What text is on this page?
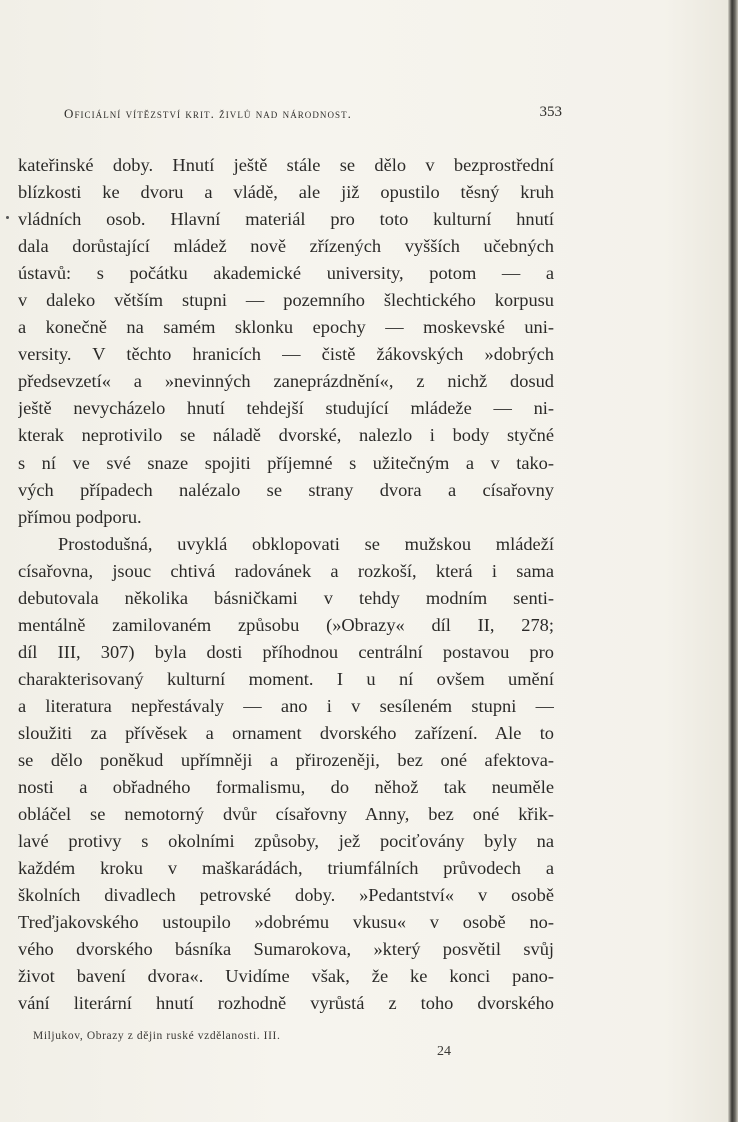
Oficiální vítězství krit. živlů nad národnost.	353
kateřinské doby. Hnutí ještě stále se dělo v bezprostřední
blízkosti ke dvoru a vládě, ale již opustilo těsný kruh
vládních osob. Hlavní materiál pro toto kulturní hnutí
dala dorůstající mládež nově zřízených vyšších učebných
ústavů: s počátku akademické university, potom — a
v daleko větším stupni — pozemního šlechtického korpusu
a konečně na samém sklonku epochy — moskevské uni-
versity. V těchto hranicích — čistě žákovských »dobrých
předsevzetí« a »nevinných zaneprázdnění«, z nichž dosud
ještě nevycházelo hnutí tehdejší studující mládeže — ni-
kterak neprotivilo se náladě dvorské, nalezlo i body styčné
s ní ve své snaze spojiti příjemné s užitečným a v tako-
vých případech nalézalo se strany dvora a císařovny
přímou podporu.
Prostodušná, uvyklá obklopovati se mužskou mládeží
císařovna, jsouc chtivá radovánek a rozkoší, která i sama
debutovala několika básničkami v tehdy modním senti-
mentálně zamilovaném způsobu (»Obrazy« díl II, 278;
díl III, 307) byla dosti příhodnou centrální postavou pro
charakterisovaný kulturní moment. I u ní ovšem umění
a literatura nepřestávaly — ano i v sesíleném stupni —
sloužiti za přívěsek a ornament dvorského zařízení. Ale to
se dělo poněkud upřímněji a přirozeněji, bez oné afektova-
nosti a obřadného formalismu, do něhož tak neuměle
obláčel se nemotorný dvůr císařovny Anny, bez oné křik-
lavé protivy s okolními způsoby, jež pociťovány byly na
každém kroku v maškarádách, triumfálních průvodech a
školních divadlech petrovské doby. »Pedantství« v osobě
Treďjakovského ustoupilo »dobrému vkusu« v osobě no-
vého dvorského básníka Sumarokova, »který posvětil svůj
život bavení dvora«. Uvidíme však, že ke konci pano-
vání literární hnutí rozhodně vyrůstá z toho dvorského
Miljukov, Obrazy z dějin ruské vzdělanosti. III.
24
